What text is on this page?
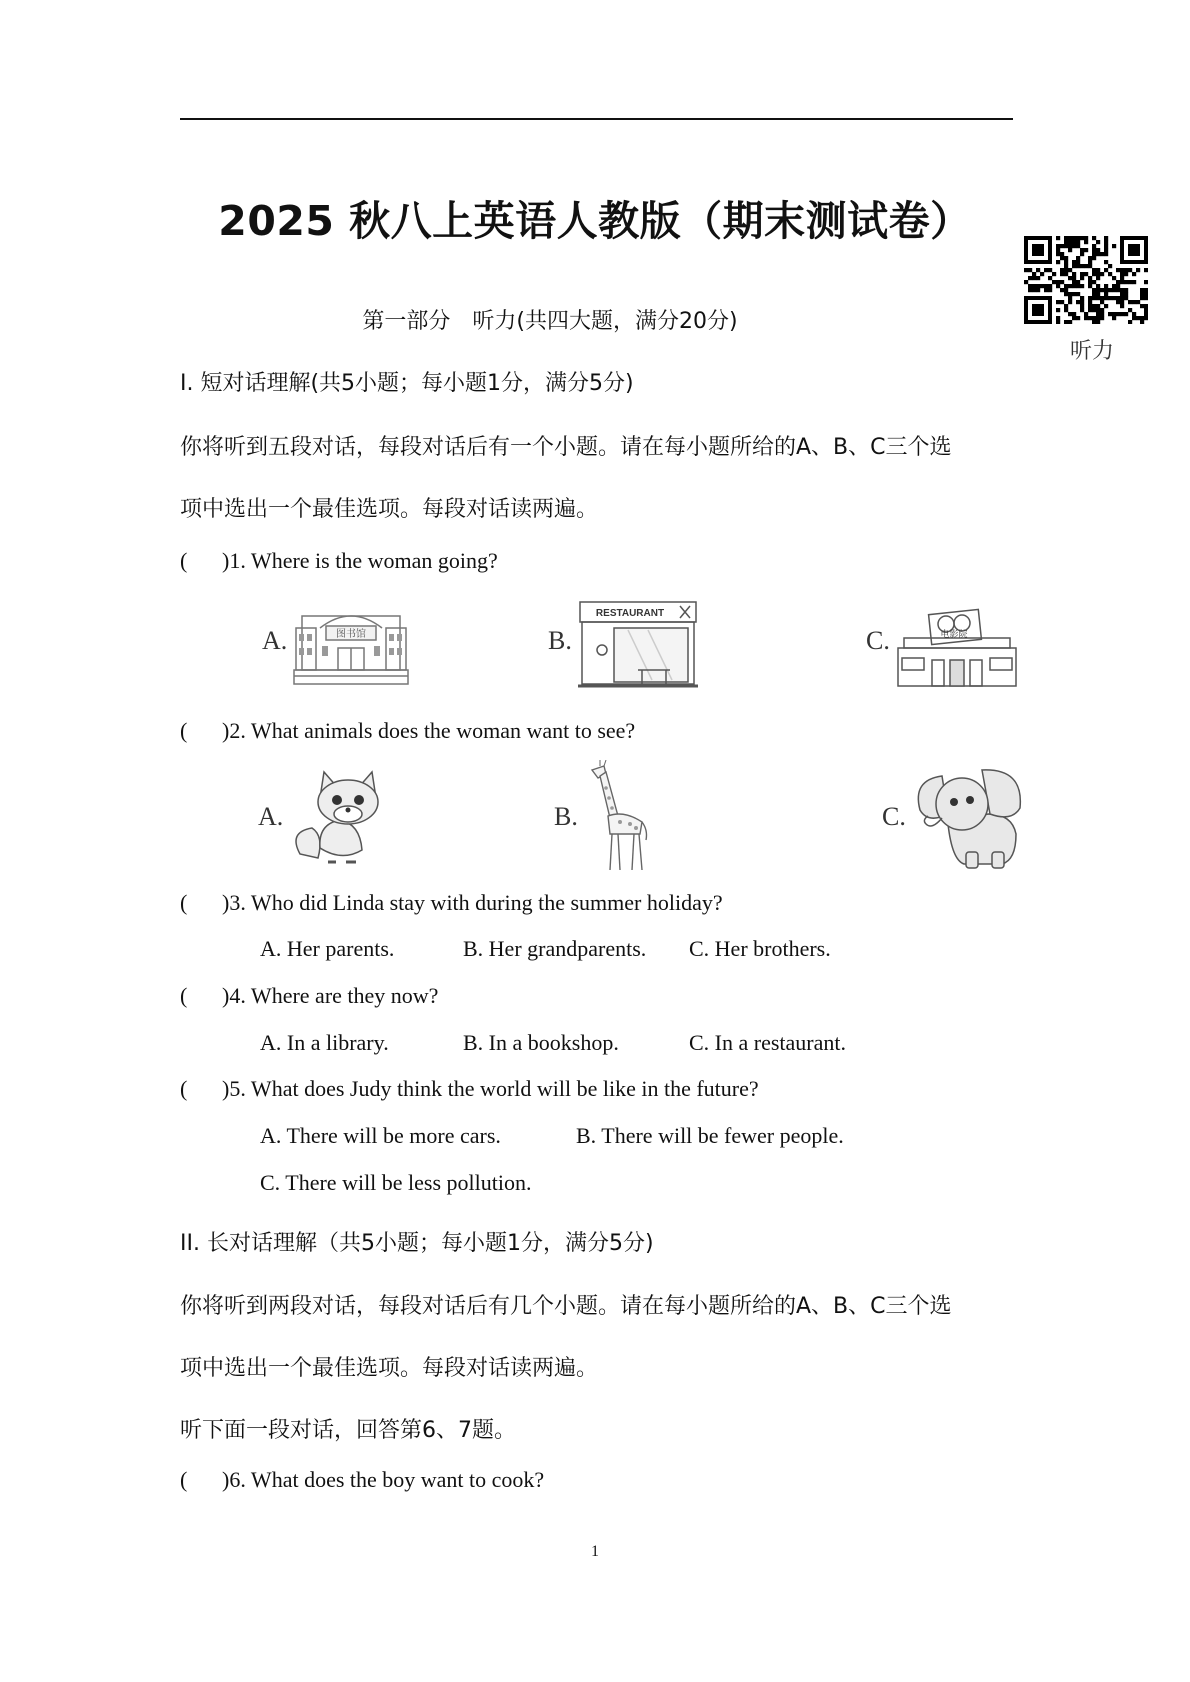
2025 秋八上英语人教版（期末测试卷）
听力
第一部分　听力(共四大题，满分20分)
I. 短对话理解(共5小题；每小题1分，满分5分)
你将听到五段对话，每段对话后有一个小题。请在每小题所给的A、B、C三个选
项中选出一个最佳选项。每段对话读两遍。
( )1. Where is the woman going?
A.	图书馆	B.
RESTAURANT
C.	电影院
( )2. What animals does the woman want to see?
A.	B.	C.
( )3. Who did Linda stay with during the summer holiday?
A. Her parents.	B. Her grandparents. C. Her brothers.
( )4. Where are they now?
A. In a library.	B. In a bookshop.	C. In a restaurant.
( )5. What does Judy think the world will be like in the future?
A. There will be more cars.	B. There will be fewer people.
C. There will be less pollution.
II. 长对话理解（共5小题；每小题1分，满分5分)
你将听到两段对话，每段对话后有几个小题。请在每小题所给的A、B、C三个选
项中选出一个最佳选项。每段对话读两遍。
听下面一段对话，回答第6、7题。
( )6. What does the boy want to cook?
1
